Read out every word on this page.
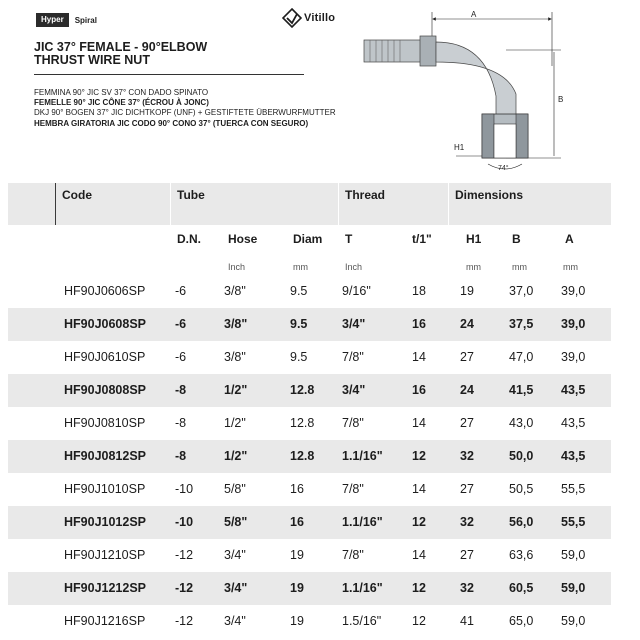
Hyper	Spiral	Vitillo
JIC 37° FEMALE - 90°ELBOW
THRUST WIRE NUT
FEMMINA 90° JIC SV 37° CON DADO SPINATO
FEMELLE 90° JIC CÔNE 37° (ÉCROU À JONC)
DKJ 90° BOGEN 37° JIC DICHTKOPF (UNF) + GESTIFTETE ÜBERWURFMUTTER
HEMBRA GIRATORIA JIC CODO 90° CONO 37° (TUERCA CON SEGURO)
A
B
H1
74°
Code	Tube	Thread	Dimensions
D.N. Hose	Diam T	t/1"	H1	B	A
Inch	mm	Inch	mm	mm	mm
HF90J0606SP -6	3/8"	9.5	9/16"	18	19	37,0 39,0
HF90J0608SP -6	3/8"	9.5	3/4"	16	24	37,5 39,0
HF90J0610SP -6	3/8"	9.5	7/8"	14	27	47,0 39,0
HF90J0808SP -8	1/2"	12.8 3/4"	16	24	41,5 43,5
HF90J0810SP -8	1/2"	12.8 7/8"	14	27	43,0 43,5
HF90J0812SP -8	1/2"	12.8 1.1/16" 12	32	50,0 43,5
HF90J1010SP -10 5/8"	16	7/8"	14	27	50,5 55,5
HF90J1012SP -10 5/8"	16	1.1/16" 12	32	56,0 55,5
HF90J1210SP -12 3/4"	19	7/8"	14	27	63,6 59,0
HF90J1212SP -12 3/4"	19	1.1/16" 12	32	60,5 59,0
HF90J1216SP -12 3/4"	19	1.5/16" 12	41	65,0 59,0
